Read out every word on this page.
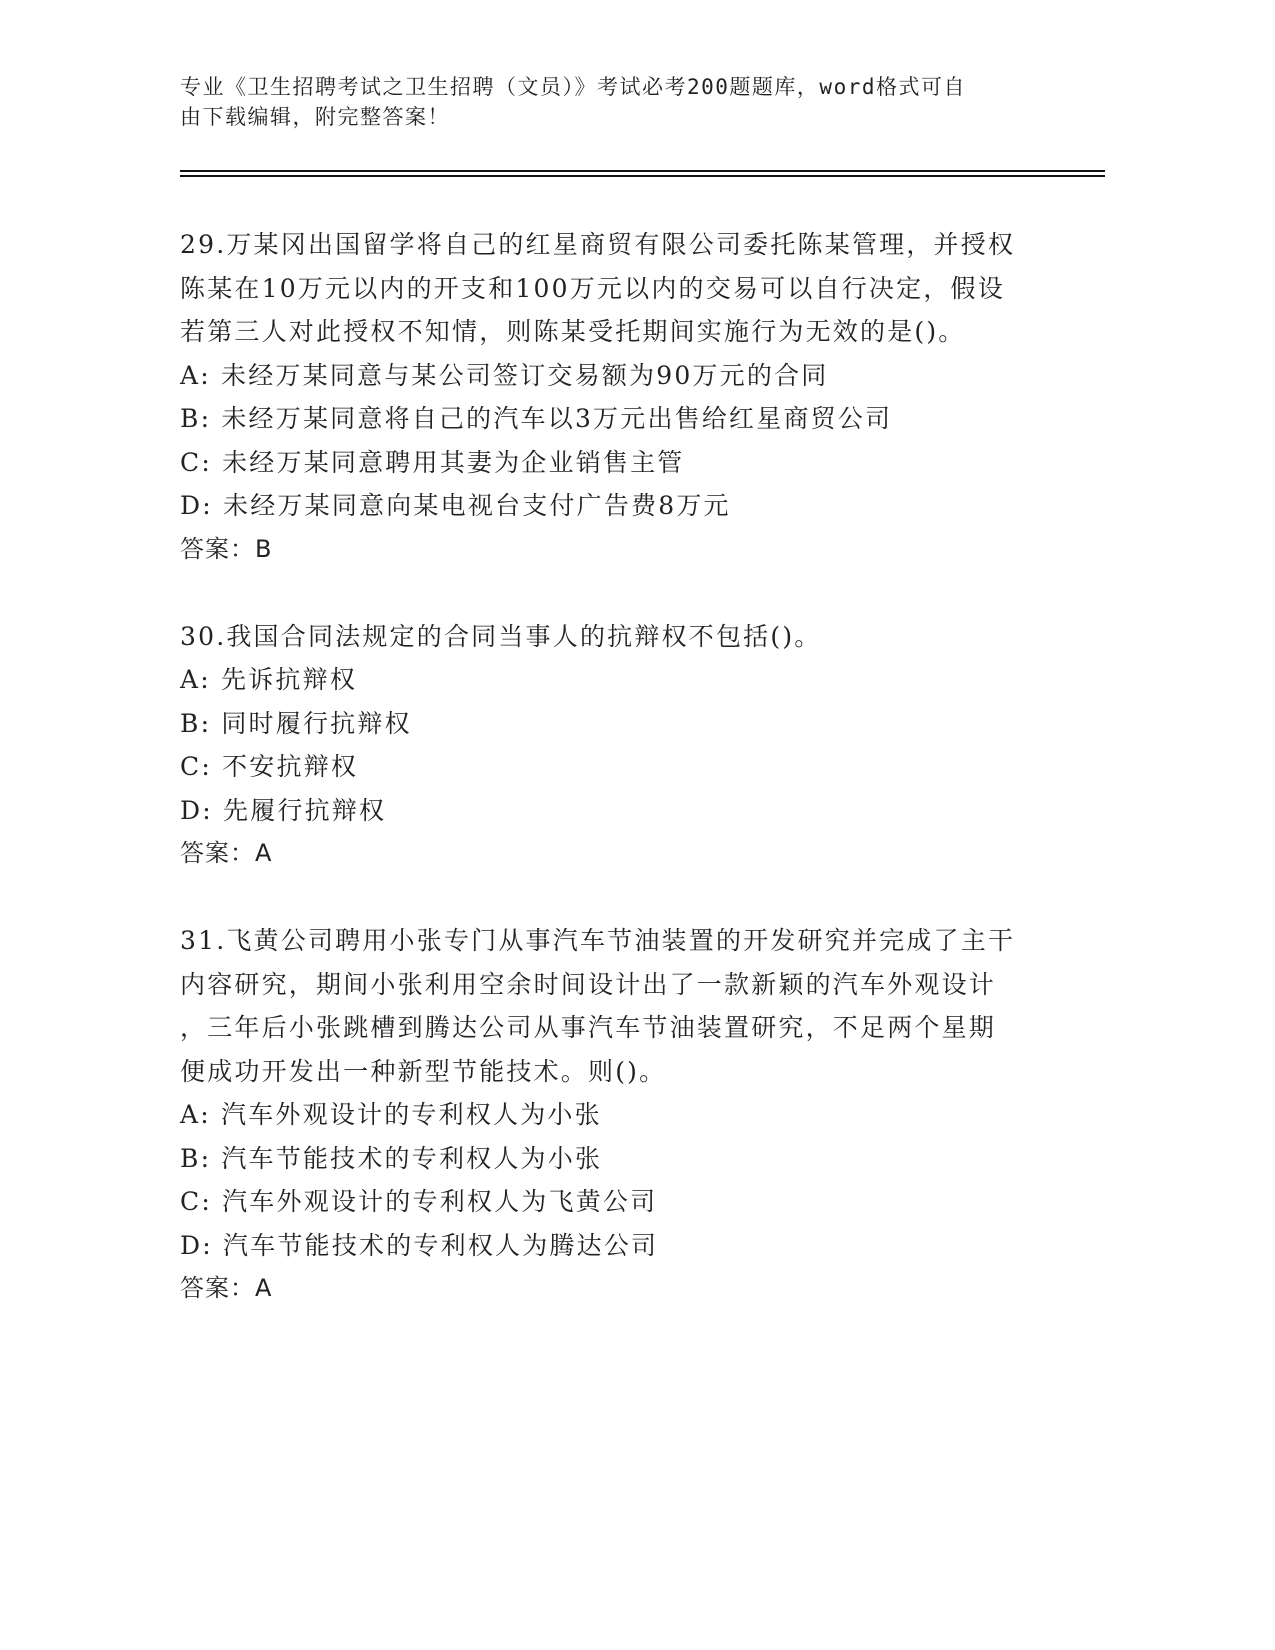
专业《卫生招聘考试之卫生招聘（文员）》考试必考200题题库，word格式可自
由下载编辑，附完整答案！
29.万某冈出国留学将自己的红星商贸有限公司委托陈某管理，并授权
陈某在10万元以内的开支和100万元以内的交易可以自行决定，假设
若第三人对此授权不知情，则陈某受托期间实施行为无效的是()。
A: 未经万某同意与某公司签订交易额为90万元的合同
B: 未经万某同意将自己的汽车以3万元出售给红星商贸公司
C: 未经万某同意聘用其妻为企业销售主管
D: 未经万某同意向某电视台支付广告费8万元
答案：B
30.我国合同法规定的合同当事人的抗辩权不包括()。
A: 先诉抗辩权
B: 同时履行抗辩权
C: 不安抗辩权
D: 先履行抗辩权
答案：A
31.飞黄公司聘用小张专门从事汽车节油装置的开发研究并完成了主干
内容研究，期间小张利用空余时间设计出了一款新颖的汽车外观设计
，三年后小张跳槽到腾达公司从事汽车节油装置研究，不足两个星期
便成功开发出一种新型节能技术。则()。
A: 汽车外观设计的专利权人为小张
B: 汽车节能技术的专利权人为小张
C: 汽车外观设计的专利权人为飞黄公司
D: 汽车节能技术的专利权人为腾达公司
答案：A
